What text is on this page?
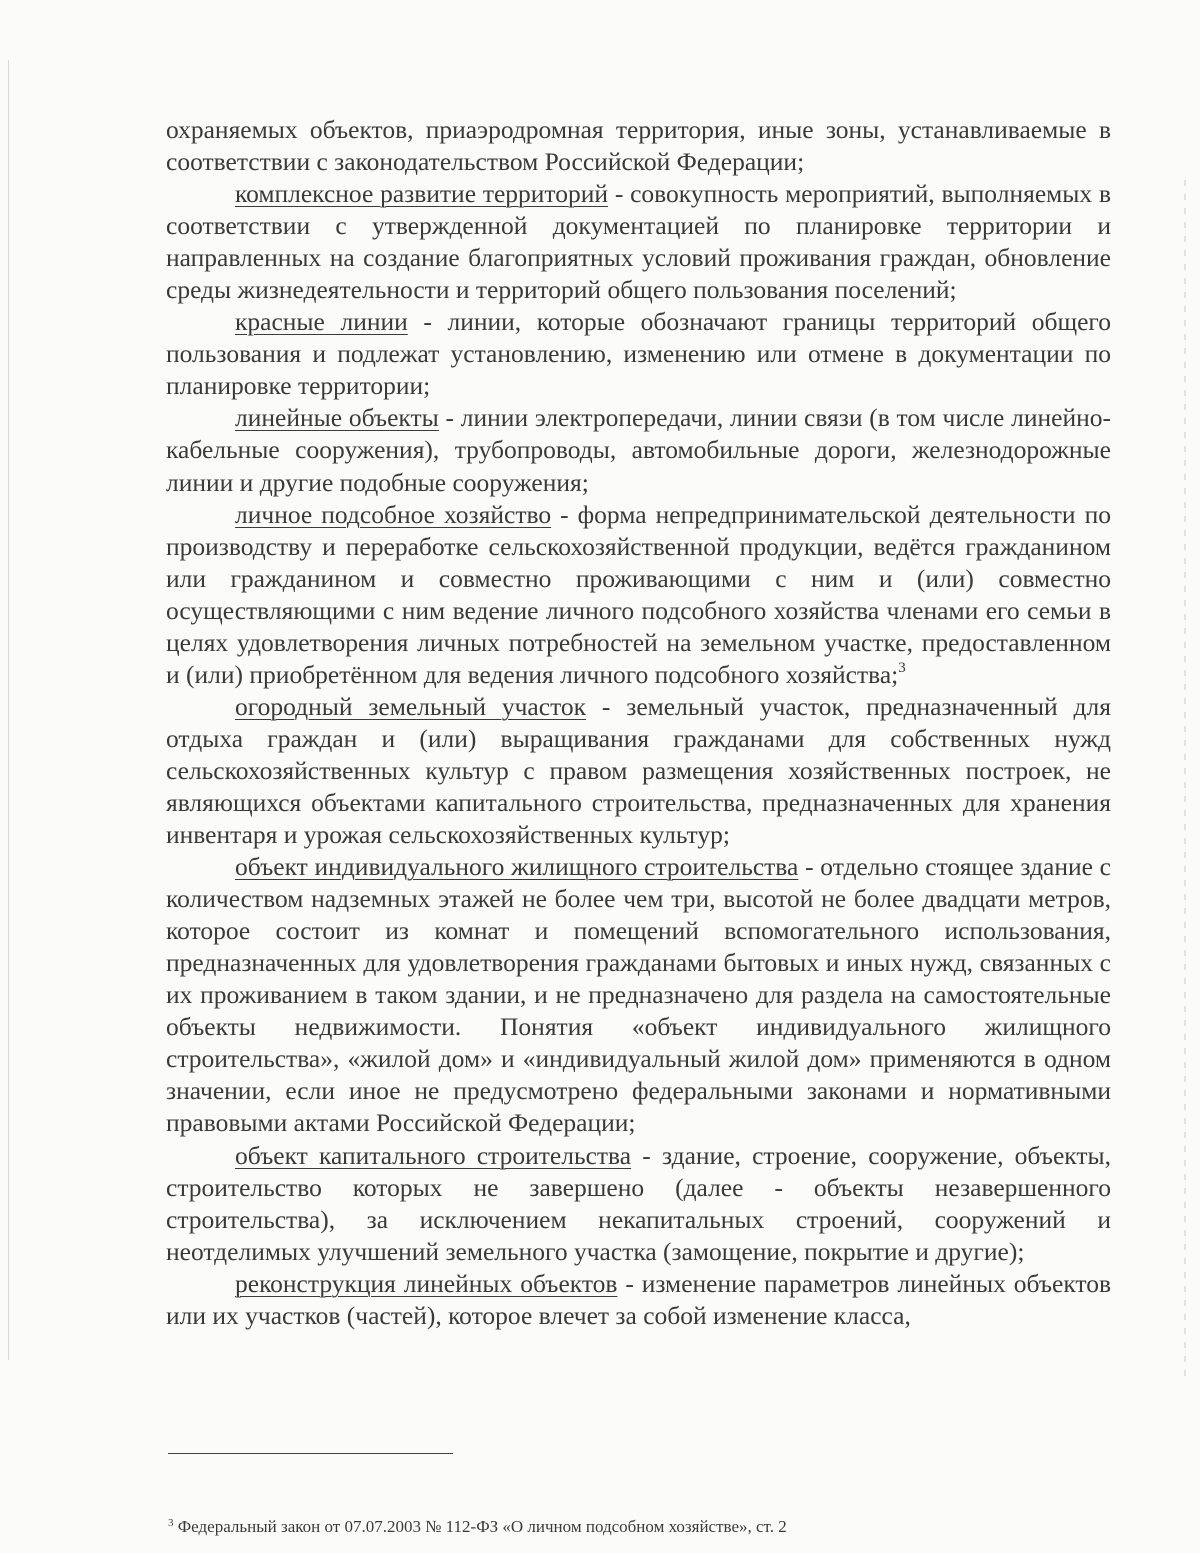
охраняемых объектов, приаэродромная территория, иные зоны, устанавливаемые в соответствии с законодательством Российской Федерации;

комплексное развитие территорий - совокупность мероприятий, выполняемых в соответствии с утвержденной документацией по планировке территории и направленных на создание благоприятных условий проживания граждан, обновление среды жизнедеятельности и территорий общего пользования поселений;

красные линии - линии, которые обозначают границы территорий общего пользования и подлежат установлению, изменению или отмене в документации по планировке территории;

линейные объекты - линии электропередачи, линии связи (в том числе линейно-кабельные сооружения), трубопроводы, автомобильные дороги, железнодорожные линии и другие подобные сооружения;

личное подсобное хозяйство - форма непредпринимательской деятельности по производству и переработке сельскохозяйственной продукции, ведётся гражданином или гражданином и совместно проживающими с ним и (или) совместно осуществляющими с ним ведение личного подсобного хозяйства членами его семьи в целях удовлетворения личных потребностей на земельном участке, предоставленном и (или) приобретённом для ведения личного подсобного хозяйства;$^3$

огородный земельный участок - земельный участок, предназначенный для отдыха граждан и (или) выращивания гражданами для собственных нужд сельскохозяйственных культур с правом размещения хозяйственных построек, не являющихся объектами капитального строительства, предназначенных для хранения инвентаря и урожая сельскохозяйственных культур;

объект индивидуального жилищного строительства - отдельно стоящее здание с количеством надземных этажей не более чем три, высотой не более двадцати метров, которое состоит из комнат и помещений вспомогательного использования, предназначенных для удовлетворения гражданами бытовых и иных нужд, связанных с их проживанием в таком здании, и не предназначено для раздела на самостоятельные объекты недвижимости. Понятия «объект индивидуального жилищного строительства», «жилой дом» и «индивидуальный жилой дом» применяются в одном значении, если иное не предусмотрено федеральными законами и нормативными правовыми актами Российской Федерации;

объект капитального строительства - здание, строение, сооружение, объекты, строительство которых не завершено (далее - объекты незавершенного строительства), за исключением некапитальных строений, сооружений и неотделимых улучшений земельного участка (замощение, покрытие и другие);

реконструкция линейных объектов - изменение параметров линейных объектов или их участков (частей), которое влечет за собой изменение класса,

$^3$ Федеральный закон от 07.07.2003 № 112-ФЗ «О личном подсобном хозяйстве», ст. 2
